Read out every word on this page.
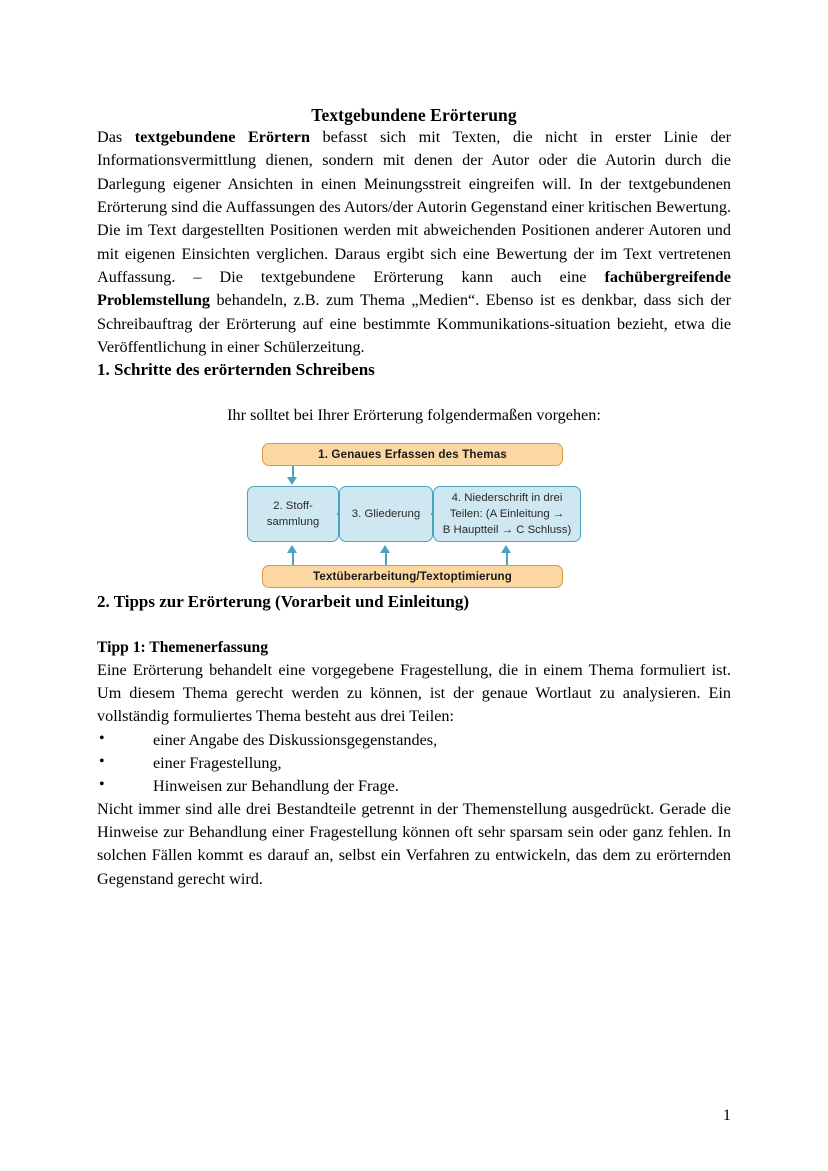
Textgebundene Erörterung

Das textgebundene Erörtern befasst sich mit Texten, die nicht in erster Linie der Informationsvermittlung dienen, sondern mit denen der Autor oder die Autorin durch die Darlegung eigener Ansichten in einen Meinungsstreit eingreifen will. In der textgebundenen Erörterung sind die Auffassungen des Autors/der Autorin Gegenstand einer kritischen Bewertung. Die im Text dargestellten Positionen werden mit abweichenden Positionen anderer Autoren und mit eigenen Einsichten verglichen. Daraus ergibt sich eine Bewertung der im Text vertretenen Auffassung. – Die textgebundene Erörterung kann auch eine fachübergreifende Problemstellung behandeln, z.B. zum Thema „Medien“. Ebenso ist es denkbar, dass sich der Schreibauftrag der Erörterung auf eine bestimmte Kommunikations-situation bezieht, etwa die Veröffentlichung in einer Schülerzeitung.

1. Schritte des erörternden Schreibens

Ihr solltet bei Ihrer Erörterung folgendermaßen vorgehen:

1. Genaues Erfassen des Themas
2. Stoff-
sammlung
3. Gliederung
4. Niederschrift in drei
Teilen: (A Einleitung →
B Hauptteil → C Schluss)
Textüberarbeitung/Textoptimierung
2. Tipps zur Erörterung (Vorarbeit und Einleitung)
Tipp 1: Themenerfassung

Eine Erörterung behandelt eine vorgegebene Fragestellung, die in einem Thema formuliert ist. Um diesem Thema gerecht werden zu können, ist der genaue Wortlaut zu analysieren. Ein vollständig formuliertes Thema besteht aus drei Teilen:

•	einer Angabe des Diskussionsgegenstandes,
•	einer Fragestellung,
•	Hinweisen zur Behandlung der Frage.

Nicht immer sind alle drei Bestandteile getrennt in der Themenstellung ausgedrückt. Gerade die Hinweise zur Behandlung einer Fragestellung können oft sehr sparsam sein oder ganz fehlen. In solchen Fällen kommt es darauf an, selbst ein Verfahren zu entwickeln, das dem zu erörternden Gegenstand gerecht wird.

1
